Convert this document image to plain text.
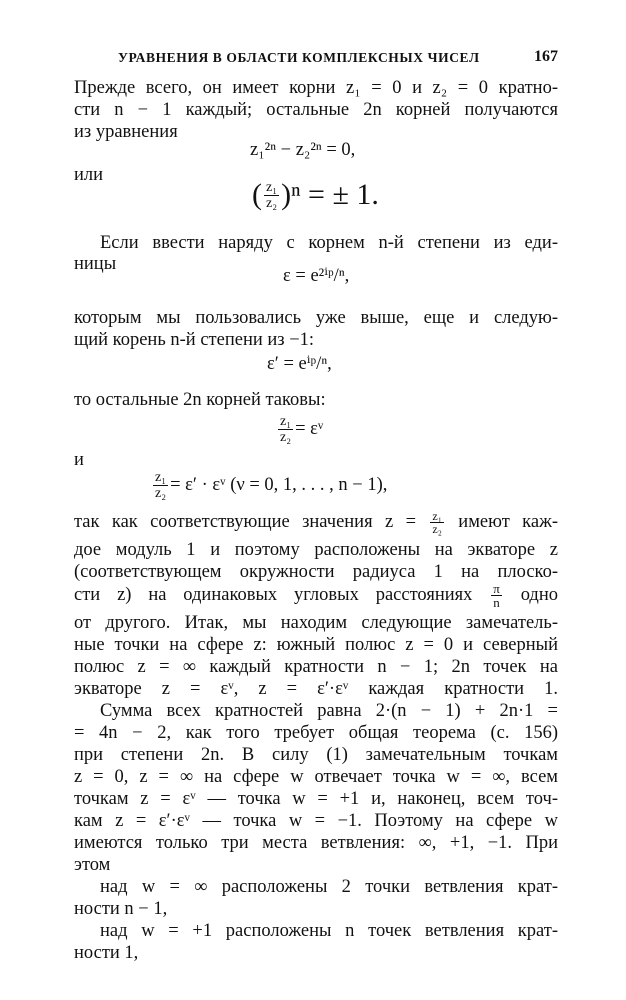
УРАВНЕНИЯ В ОБЛАСТИ КОМПЛЕКСНЫХ ЧИСЕЛ	167
Прежде всего, он имеет корни z₁ = 0 и z₂ = 0 кратно-
сти n − 1 каждый; остальные 2n корней получаются
из уравнения
z₁²ⁿ − z₂²ⁿ = 0,
или
( $\frac{\text{z₁}}{\text{z₂}} )^n$ = ± 1.
Если ввести наряду с корнем n-й степени из еди-
ницы
ε = e²ⁱᵖ/ⁿ,
которым мы пользовались уже выше, еще и следую-
щий корень n-й степени из −1:
ε′ = eⁱᵖ/ⁿ,
то остальные 2n корней таковы:
$\frac{\text{z₁}}{\text{z₂}}$ = εᵛ
и
$\frac{\text{z₁}}{\text{z₂}} = \varepsilon'$ · εᵛ (ν = 0, 1, . . . , n − 1),
так как соответствующие значения $z = \frac{\text{z₁}}{\text{z₂}}$ имеют каж-
дое модуль 1 и поэтому расположены на экваторе z
(соответствующем окружности радиуса 1 на плоско-
сти z) на одинаковых угловых расстояниях $\frac{\pi}{n}$ одно
от другого. Итак, мы находим следующие замечатель-
ные точки на сфере z: южный полюс z = 0 и северный
полюс z = ∞ каждый кратности n − 1; 2n точек на
экваторе z = εᵛ, z = ε′·εᵛ каждая кратности 1.
Сумма всех кратностей равна 2·(n − 1) + 2n·1 =
= 4n − 2, как того требует общая теорема (с. 156)
при степени 2n. В силу (1) замечательным точкам
z = 0, z = ∞ на сфере w отвечает точка w = ∞, всем
точкам z = εᵛ — точка w = +1 и, наконец, всем точ-
кам z = ε′·εᵛ — точка w = −1. Поэтому на сфере w
имеются только три места ветвления: ∞, +1, −1. При
этом
над w = ∞ расположены 2 точки ветвления крат-
ности n − 1,
над w = +1 расположены n точек ветвления крат-
ности 1,
